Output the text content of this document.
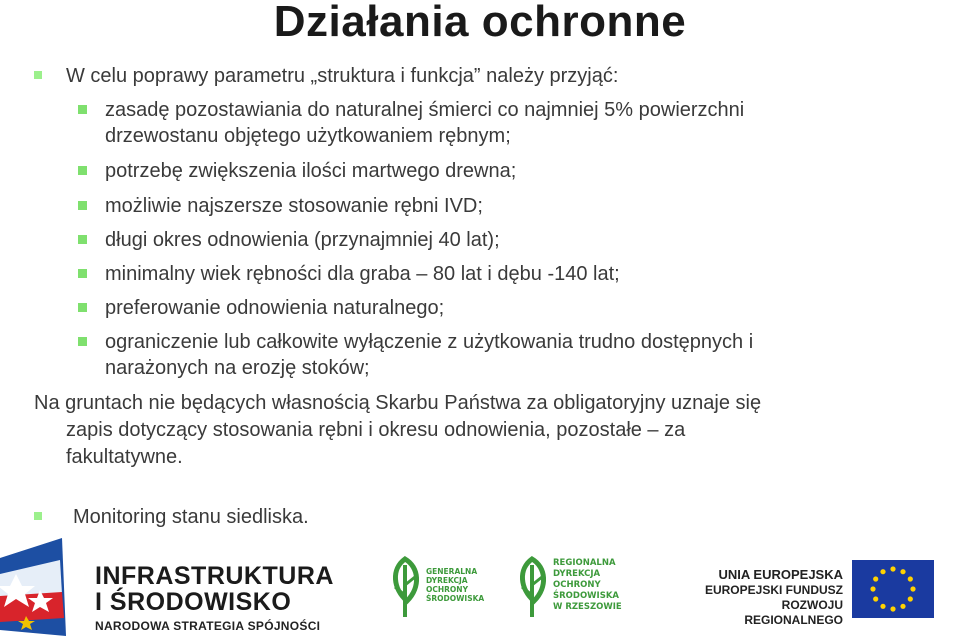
Działania ochronne
W celu poprawy parametru „struktura i funkcja” należy przyjąć:
zasadę pozostawiania do naturalnej śmierci co najmniej 5% powierzchni
drzewostanu objętego użytkowaniem rębnym;
potrzebę zwiększenia ilości martwego drewna;
możliwie najszersze stosowanie rębni IVD;
długi okres odnowienia (przynajmniej 40 lat);
minimalny wiek rębności dla graba – 80 lat i dębu -140 lat;
preferowanie odnowienia naturalnego;
ograniczenie lub całkowite wyłączenie z użytkowania trudno dostępnych i
narażonych na erozję stoków;
Na gruntach nie będących własnością Skarbu Państwa za obligatoryjny uznaje się
zapis dotyczący stosowania rębni i okresu odnowienia, pozostałe – za
fakultatywne.
Monitoring stanu siedliska.
INFRASTRUKTURA
I ŚRODOWISKO
NARODOWA STRATEGIA SPÓJNOŚCI
GENERALNA
DYREKCJA
OCHRONY
ŚRODOWISKA
REGIONALNA
DYREKCJA
OCHRONY
ŚRODOWISKA
W RZESZOWIE
UNIA EUROPEJSKA
EUROPEJSKI FUNDUSZ
ROZWOJU REGIONALNEGO
